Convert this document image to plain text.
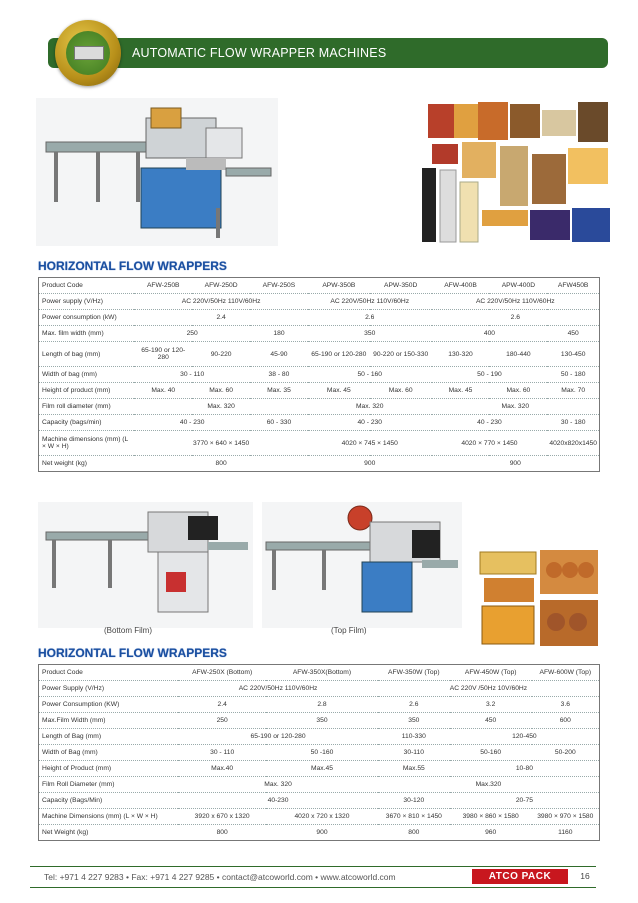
AUTOMATIC FLOW WRAPPER MACHINES
HORIZONTAL FLOW WRAPPERS
Product Code	AFW-250B	AFW-250D	AFW-250S	APW-350B	APW-350D	AFW-400B	APW-400D	AFW450B
Power supply (V/Hz)	AC 220V/50Hz 110V/60Hz			AC 220V/50Hz 110V/60Hz		AC 220V/50Hz 110V/60Hz		
Power consumption (kW)	2.4			2.6		2.6		
Max. film width (mm)	250		180	350		400		450
Length of bag (mm)	65-190 or 120-280	90-220	45-90	65-190 or 120-280	90-220 or 150-330	130-320	180-440	130-450
Width of bag (mm)	30 - 110		38 - 80	50 - 160		50 - 190		50 - 180
Height of product (mm)	Max. 40	Max. 60	Max. 35	Max. 45	Max. 60	Max. 45	Max. 60	Max. 70
Film roll diameter (mm)	Max. 320			Max. 320		Max. 320		
Capacity (bags/min)	40 - 230		60 - 330	40 - 230		40 - 230		30 - 180
Machine dimensions (mm) (L × W × H)	3770 × 640 × 1450			4020 × 745 × 1450		4020 × 770 × 1450		4020x820x1450
Net weight (kg)	800			900		900		
(Bottom Film)	(Top Film)
HORIZONTAL FLOW WRAPPERS
Product Code	AFW-250X (Bottom)	AFW-350X(Bottom)	AFW-350W (Top)	AFW-450W (Top)	AFW-600W (Top)
Power Supply (V/Hz)	AC 220V/50Hz 110V/60Hz		AC 220V /50Hz 10V/60Hz		
Power Consumption (KW)	2.4	2.8	2.6	3.2	3.6
Max.Film Width (mm)	250	350	350	450	600
Length of Bag (mm)	65-190 or 120-280		110-330	120-450	
Width of Bag (mm)	30 - 110	50 -160	30-110	50-160	50-200
Height of Product (mm)	Max.40	Max.45	Max.55	10-80	
Film Roll Diameter (mm)	Max. 320		Max.320		
Capacity (Bags/Min)	40-230		30-120	20-75	
Machine Dimensions (mm) (L × W × H)	3920 x 670 x 1320	4020 x 720 x 1320	3670 × 810 × 1450	3980 × 860 × 1580	3980 × 970 × 1580
Net Weight (kg)	800	900	800	960	1160
Tel: +971 4 227 9283 • Fax: +971 4 227 9285 • contact@atcoworld.com • www.atcoworld.com	ATCO PACK	16
